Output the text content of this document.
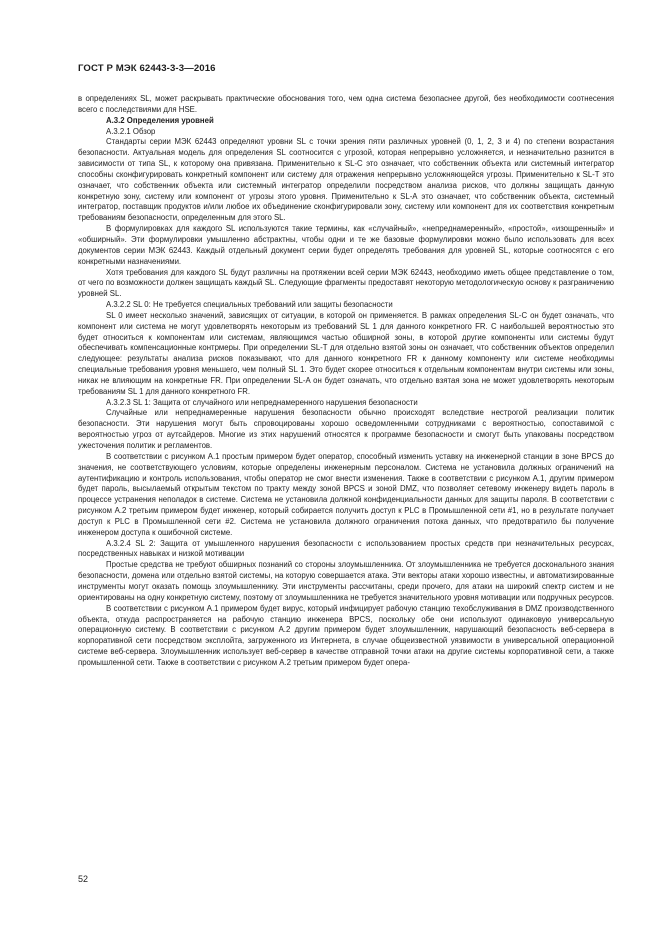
ГОСТ Р МЭК 62443-3-3—2016

в определениях SL, может раскрывать практические обоснования того, чем одна система безопаснее другой, без необходимости соотнесения всего с последствиями для HSE.

А.3.2 Определения уровней

А.3.2.1 Обзор

Стандарты серии МЭК 62443 определяют уровни SL с точки зрения пяти различных уровней (0, 1, 2, 3 и 4) по степени возрастания безопасности. Актуальная модель для определения SL соотносится с угрозой, которая непрерывно усложняется, и незначительно разнится в зависимости от типа SL, к которому она привязана. Применительно к SL-С это означает, что собственник объекта или системный интегратор способны сконфигурировать конкретный компонент или систему для отражения непрерывно усложняющейся угрозы. Применительно к SL-Т это означает, что собственник объекта или системный интегратор определили посредством анализа рисков, что должны защищать данную конкретную зону, систему или компонент от угрозы этого уровня. Применительно к SL-А это означает, что собственник объекта, системный интегратор, поставщик продуктов и/или любое их объединение сконфигурировали зону, систему или компонент для их соответствия конкретным требованиям безопасности, определенным для этого SL.

В формулировках для каждого SL используются такие термины, как «случайный», «непреднамеренный», «простой», «изощренный» и «обширный». Эти формулировки умышленно абстрактны, чтобы одни и те же базовые формулировки можно было использовать для всех документов серии МЭК 62443. Каждый отдельный документ серии будет определять требования для уровней SL, которые соотносятся с его конкретными назначениями.

Хотя требования для каждого SL будут различны на протяжении всей серии МЭК 62443, необходимо иметь общее представление о том, от чего по возможности должен защищать каждый SL. Следующие фрагменты предоставят некоторую методологическую основу к разграничению уровней SL.

А.3.2.2 SL 0: Не требуется специальных требований или защиты безопасности

SL 0 имеет несколько значений, зависящих от ситуации, в которой он применяется. В рамках определения SL-C он будет означать, что компонент или система не могут удовлетворять некоторым из требований SL 1 для данного конкретного FR. С наибольшей вероятностью это будет относиться к компонентам или системам, являющимся частью обширной зоны, в которой другие компоненты или системы будут обеспечивать компенсационные контрмеры. При определении SL-T для отдельно взятой зоны он означает, что собственник объектов определил следующее: результаты анализа рисков показывают, что для данного конкретного FR к данному компоненту или системе необходимы специальные требования уровня меньшего, чем полный SL 1. Это будет скорее относиться к отдельным компонентам внутри системы или зоны, никак не влияющим на конкретные FR. При определении SL-A он будет означать, что отдельно взятая зона не может удовлетворять некоторым требованиям SL 1 для данного конкретного FR.

А.3.2.3 SL 1: Защита от случайного или непреднамеренного нарушения безопасности

Случайные или непреднамеренные нарушения безопасности обычно происходят вследствие нестрогой реализации политик безопасности. Эти нарушения могут быть спровоцированы хорошо осведомленными сотрудниками с вероятностью, сопоставимой с вероятностью угроз от аутсайдеров. Многие из этих нарушений относятся к программе безопасности и смогут быть упакованы посредством ужесточения политик и регламентов.

В соответствии с рисунком А.1 простым примером будет оператор, способный изменить уставку на инженерной станции в зоне BPCS до значения, не соответствующего условиям, которые определены инженерным персоналом. Система не установила должных ограничений на аутентификацию и контроль использования, чтобы оператор не смог внести изменения. Также в соответствии с рисунком А.1, другим примером будет пароль, высылаемый открытым текстом по тракту между зоной BPCS и зоной DMZ, что позволяет сетевому инженеру видеть пароль в процессе устранения неполадок в системе. Система не установила должной конфиденциальности данных для защиты пароля. В соответствии с рисунком А.2 третьим примером будет инженер, который собирается получить доступ к PLC в Промышленной сети #1, но в результате получает доступ к PLC в Промышленной сети #2. Система не установила должного ограничения потока данных, что предотвратило бы получение инженером доступа к ошибочной системе.

А.3.2.4 SL 2: Защита от умышленного нарушения безопасности с использованием простых средств при незначительных ресурсах, посредственных навыках и низкой мотивации

Простые средства не требуют обширных познаний со стороны злоумышленника. От злоумышленника не требуется досконального знания безопасности, домена или отдельно взятой системы, на которую совершается атака. Эти векторы атаки хорошо известны, и автоматизированные инструменты могут оказать помощь злоумышленнику. Эти инструменты рассчитаны, среди прочего, для атаки на широкий спектр систем и не ориентированы на одну конкретную систему, поэтому от злоумышленника не требуется значительного уровня мотивации или подручных ресурсов.

В соответствии с рисунком А.1 примером будет вирус, который инфицирует рабочую станцию техобслуживания в DMZ производственного объекта, откуда распространяется на рабочую станцию инженера BPCS, поскольку обе они используют одинаковую универсальную операционную систему. В соответствии с рисунком А.2 другим примером будет злоумышленник, нарушающий безопасность веб-сервера в корпоративной сети посредством эксплойта, загруженного из Интернета, в случае общеизвестной уязвимости в универсальной операционной системе веб-сервера. Злоумышленник использует веб-сервер в качестве отправной точки атаки на другие системы корпоративной сети, а также промышленной сети. Также в соответствии с рисунком А.2 третьим примером будет опера-

52
